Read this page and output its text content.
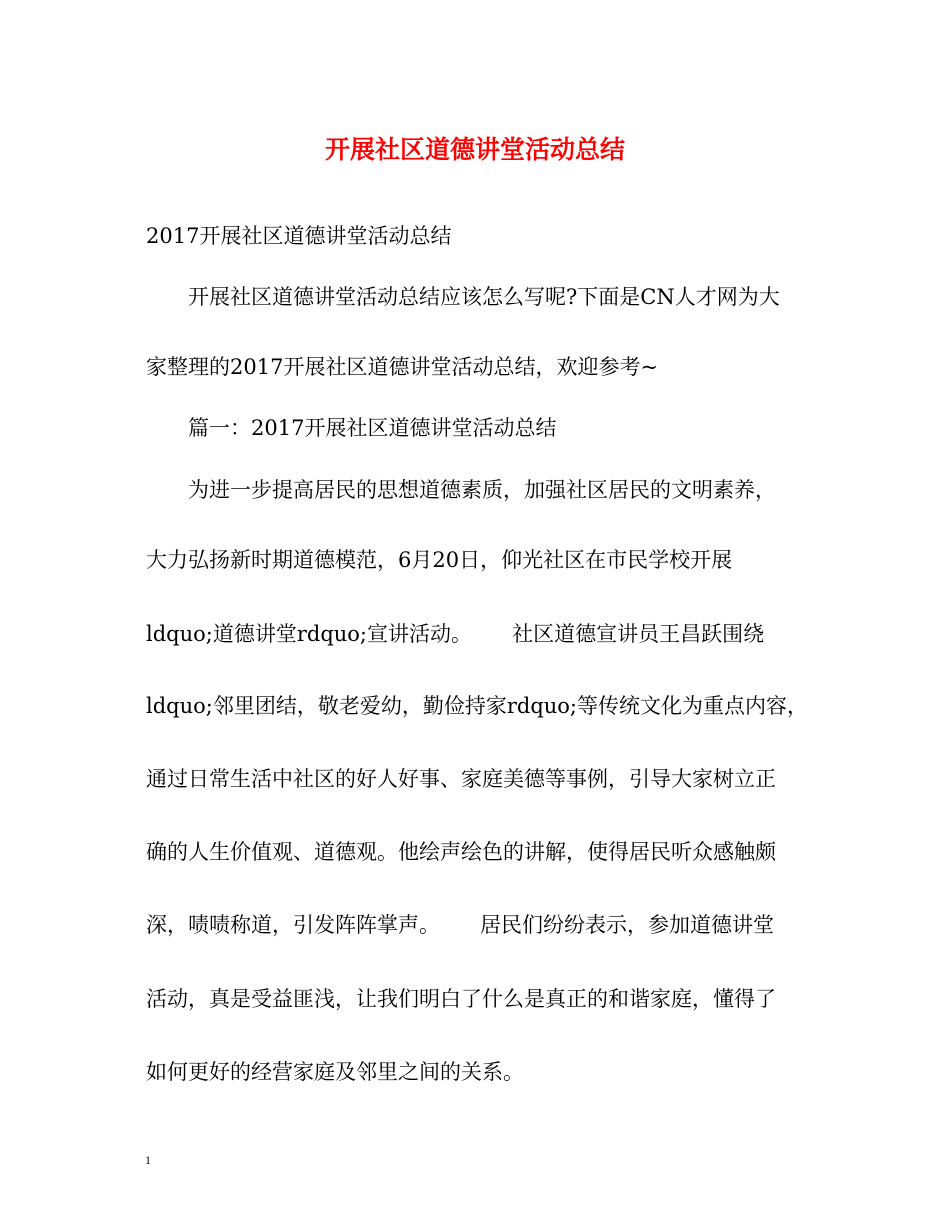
开展社区道德讲堂活动总结
2017开展社区道德讲堂活动总结
开展社区道德讲堂活动总结应该怎么写呢?下面是CN人才网为大
家整理的2017开展社区道德讲堂活动总结，欢迎参考~
篇一：2017开展社区道德讲堂活动总结
为进一步提高居民的思想道德素质，加强社区居民的文明素养，
大力弘扬新时期道德模范，6月20日，仰光社区在市民学校开展
ldquo;道德讲堂rdquo;宣讲活动。      社区道德宣讲员王昌跃围绕
ldquo;邻里团结，敬老爱幼，勤俭持家rdquo;等传统文化为重点内容，
通过日常生活中社区的好人好事、家庭美德等事例，引导大家树立正
确的人生价值观、道德观。他绘声绘色的讲解，使得居民听众感触颇
深，啧啧称道，引发阵阵掌声。      居民们纷纷表示，参加道德讲堂
活动，真是受益匪浅，让我们明白了什么是真正的和谐家庭，懂得了
如何更好的经营家庭及邻里之间的关系。
1
